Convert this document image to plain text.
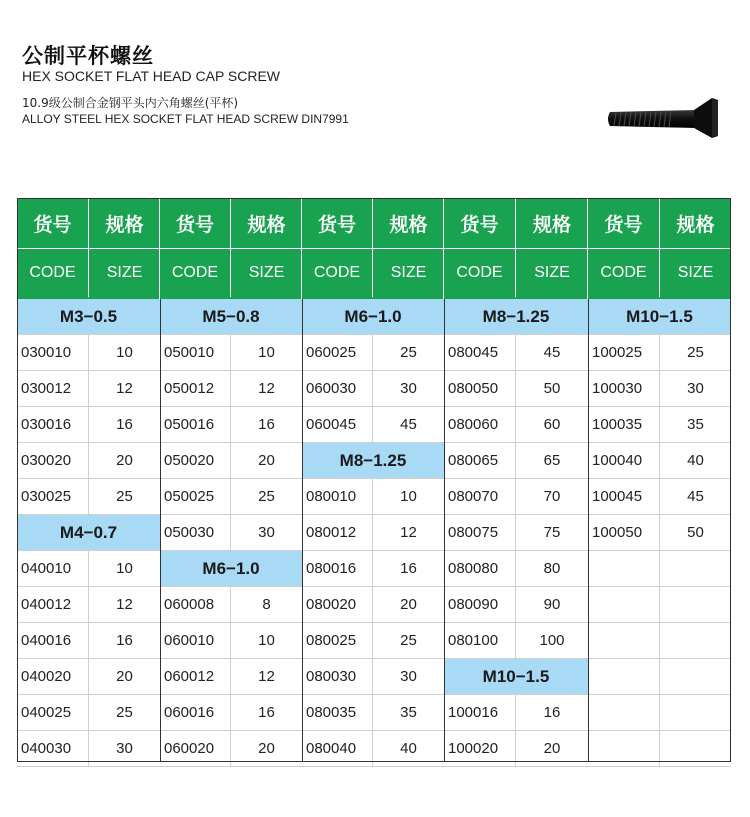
公制平杯螺丝
HEX SOCKET FLAT HEAD CAP SCREW
10.9级公制合金钢平头内六角螺丝(平杯)
ALLOY STEEL HEX SOCKET FLAT HEAD SCREW DIN7991
货号	规格
CODE	SIZE
M3−0.5
030010	10
030012	12
030016	16
030020	20
030025	25
M4−0.7
040010	10
040012	12
040016	16
040020	20
040025	25
040030	30
货号	规格
CODE	SIZE
M5−0.8
050010	10
050012	12
050016	16
050020	20
050025	25
050030	30
M6−1.0
060008	8
060010	10
060012	12
060016	16
060020	20
货号	规格
CODE	SIZE
M6−1.0
060025	25
060030	30
060045	45
M8−1.25
080010	10
080012	12
080016	16
080020	20
080025	25
080030	30
080035	35
080040	40
货号	规格
CODE	SIZE
M8−1.25
080045	45
080050	50
080060	60
080065	65
080070	70
080075	75
080080	80
080090	90
080100	100
M10−1.5
100016	16
100020	20
货号	规格
CODE	SIZE
M10−1.5
100025	25
100030	30
100035	35
100040	40
100045	45
100050	50
